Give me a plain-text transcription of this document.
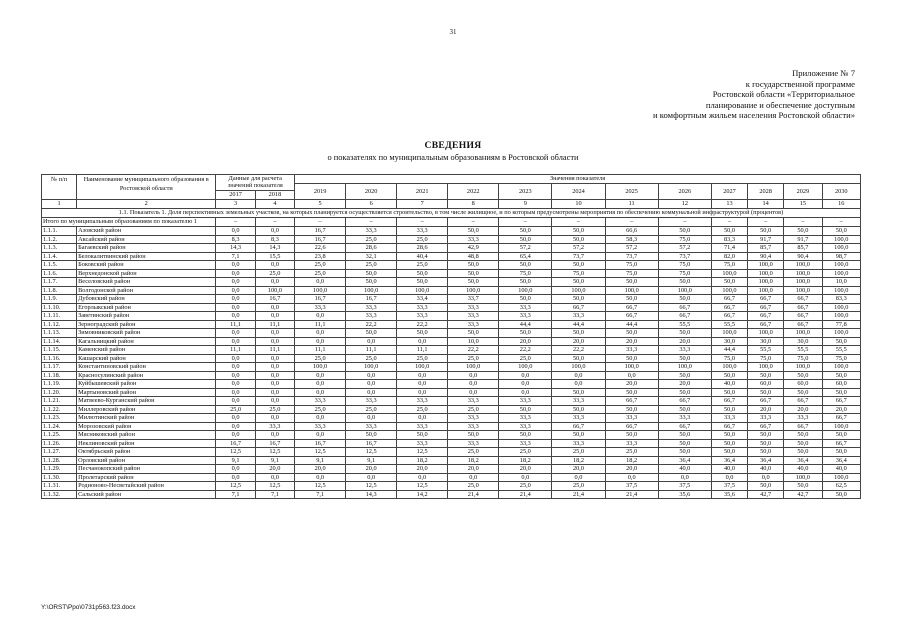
31
Приложение № 7
к государственной программе
Ростовской области «Территориальное
планирование и обеспечение доступным
и комфортным жильем населения Ростовской области»
СВЕДЕНИЯ
о показателях по муниципальным образованиям в Ростовской области
№ п/п	Наименование муниципального образования в Ростовской области	Данные для расчета значений показателя		Значения показателя											
				2019	2020	2021	2022	2023	2024	2025	2026	2027	2028	2029	2030
		2017	2018												
1	2	3	4	5	6	7	8	9	10	11	12	13	14	15	16
1.1. Показатель 1. Доля перспективных земельных участков, на которых планируется осуществляется строительство, в том числе жилищное, и по которым предусмотрены мероприятия по обеспечению коммунальной инфраструктурой (процентов)															
Итого по муниципальным образованиям по показателю 1		–	–	–	–	–	–	–	–	–	–	–	–	–	–
1.1.1.	Азовский район	0,0	0,0	16,7	33,3	33,3	50,0	50,0	50,0	66,6	50,0	50,0	50,0	50,0	50,0
1.1.2.	Аксайский район	8,3	8,3	16,7	25,0	25,0	33,3	50,0	50,0	58,3	75,0	83,3	91,7	91,7	100,0
1.1.3.	Багаевский район	14,3	14,3	22,6	28,6	28,6	42,9	57,2	57,2	57,2	57,2	71,4	85,7	85,7	100,0
1.1.4.	Белокалитвинский район	7,1	15,5	23,8	32,1	40,4	48,8	65,4	73,7	73,7	73,7	82,0	90,4	90,4	98,7
1.1.5.	Боковский район	0,0	0,0	25,0	25,0	25,0	50,0	50,0	50,0	75,0	75,0	75,0	100,0	100,0	100,0
1.1.6.	Верхнедонской район	0,0	25,0	25,0	50,0	50,0	50,0	75,0	75,0	75,0	75,0	100,0	100,0	100,0	100,0
1.1.7.	Веселовский район	0,0	0,0	0,0	50,0	50,0	50,0	50,0	50,0	50,0	50,0	50,0	100,0	100,0	10,0
1.1.8.	Волгодонской район	0,0	100,0	100,0	100,0	100,0	100,0	100,0	100,0	100,0	100,0	100,0	100,0	100,0	100,0
1.1.9.	Дубовский район	0,0	16,7	16,7	16,7	33,4	33,7	50,0	50,0	50,0	50,0	66,7	66,7	66,7	83,3
1.1.10.	Егорлыкский район	0,0	0,0	33,3	33,3	33,3	33,3	33,3	66,7	66,7	66,7	66,7	66,7	66,7	100,0
1.1.11.	Заветинский район	0,0	0,0	0,0	33,3	33,3	33,3	33,3	33,3	66,7	66,7	66,7	66,7	66,7	100,0
1.1.12.	Зерноградский район	11,1	11,1	11,1	22,2	22,2	33,3	44,4	44,4	44,4	55,5	55,5	66,7	66,7	77,8
1.1.13.	Зимовниковский район	0,0	0,0	0,0	50,0	50,0	50,0	50,0	50,0	50,0	50,0	100,0	100,0	100,0	100,0
1.1.14.	Кагальницкий район	0,0	0,0	0,0	0,0	0,0	10,0	20,0	20,0	20,0	20,0	30,0	30,0	30,0	50,0
1.1.15.	Каменский район	11,1	11,1	11,1	11,1	11,1	22,2	22,2	22,2	33,3	33,3	44,4	55,5	55,5	55,5
1.1.16.	Кашарский район	0,0	0,0	25,0	25,0	25,0	25,0	25,0	50,0	50,0	50,0	75,0	75,0	75,0	75,0
1.1.17.	Константиновский район	0,0	0,0	100,0	100,0	100,0	100,0	100,0	100,0	100,0	100,0	100,0	100,0	100,0	100,0
1.1.18.	Красносулинский район	0,0	0,0	0,0	0,0	0,0	0,0	0,0	0,0	0,0	50,0	50,0	50,0	50,0	50,0
1.1.19.	Куйбышевский район	0,0	0,0	0,0	0,0	0,0	0,0	0,0	0,0	20,0	20,0	40,0	60,0	60,0	60,0
1.1.20.	Мартыновский район	0,0	0,0	0,0	0,0	0,0	0,0	0,0	50,0	50,0	50,0	50,0	50,0	50,0	50,0
1.1.21.	Матвеево-Курганский район	0,0	0,0	33,3	33,3	33,3	33,3	33,3	33,3	66,7	66,7	66,7	66,7	66,7	66,7
1.1.22.	Миллеровский район	25,0	25,0	25,0	25,0	25,0	25,0	50,0	50,0	50,0	50,0	50,0	20,0	20,0	20,0
1.1.23.	Милютинский район	0,0	0,0	0,0	0,0	0,0	33,3	33,3	33,3	33,3	33,3	33,3	33,3	33,3	66,7
1.1.24.	Морозовский район	0,0	33,3	33,3	33,3	33,3	33,3	33,3	66,7	66,7	66,7	66,7	66,7	66,7	100,0
1.1.25.	Мясниковский район	0,0	0,0	0,0	50,0	50,0	50,0	50,0	50,0	50,0	50,0	50,0	50,0	50,0	50,0
1.1.26.	Неклиновский район	16,7	16,7	16,7	16,7	33,3	33,3	33,3	33,3	33,3	50,0	50,0	50,0	50,0	66,7
1.1.27.	Октябрьский район	12,5	12,5	12,5	12,5	12,5	25,0	25,0	25,0	25,0	50,0	50,0	50,0	50,0	50,0
1.1.28.	Орловский район	9,1	9,1	9,1	9,1	18,2	18,2	18,2	18,2	18,2	36,4	36,4	36,4	36,4	36,4
1.1.29.	Песчанокопский район	0,0	20,0	20,0	20,0	20,0	20,0	20,0	20,0	20,0	40,0	40,0	40,0	40,0	40,0
1.1.30.	Пролетарский район	0,0	0,0	0,0	0,0	0,0	0,0	0,0	0,0	0,0	0,0	0,0	0,0	100,0	100,0
1.1.31.	Родионово-Несветайский район	12,5	12,5	12,5	12,5	12,5	25,0	25,0	25,0	37,5	37,5	37,5	50,0	50,0	62,5
1.1.32.	Сальский район	7,1	7,1	7,1	14,3	14,2	21,4	21,4	21,4	21,4	35,6	35,6	42,7	42,7	50,0
Y:\ORST\Ppo\0731p563.f23.docx
